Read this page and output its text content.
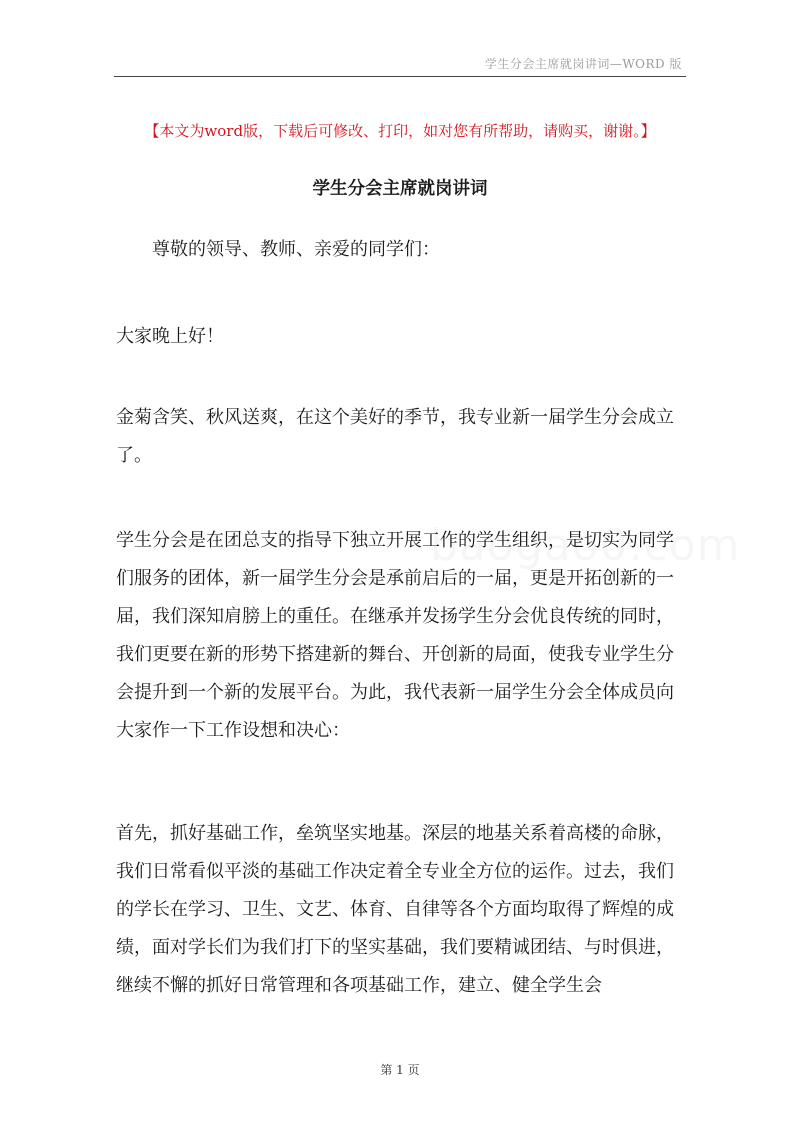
学生分会主席就岗讲词—WORD 版
【本文为word版，下载后可修改、打印，如对您有所帮助，请购买，谢谢。】
学生分会主席就岗讲词

尊敬的领导、教师、亲爱的同学们：

大家晚上好！

金菊含笑、秋风送爽，在这个美好的季节，我专业新一届学生分会成立了。

学生分会是在团总支的指导下独立开展工作的学生组织，是切实为同学们服务的团体，新一届学生分会是承前启后的一届，更是开拓创新的一届，我们深知肩膀上的重任。在继承并发扬学生分会优良传统的同时，我们更要在新的形势下搭建新的舞台、开创新的局面，使我专业学生分会提升到一个新的发展平台。为此，我代表新一届学生分会全体成员向大家作一下工作设想和决心：

首先，抓好基础工作，垒筑坚实地基。深层的地基关系着高楼的命脉，我们日常看似平淡的基础工作决定着全专业全方位的运作。过去，我们的学长在学习、卫生、文艺、体育、自律等各个方面均取得了辉煌的成绩，面对学长们为我们打下的坚实基础，我们要精诚团结、与时俱进，继续不懈的抓好日常管理和各项基础工作，建立、健全学生会

第 1 页
